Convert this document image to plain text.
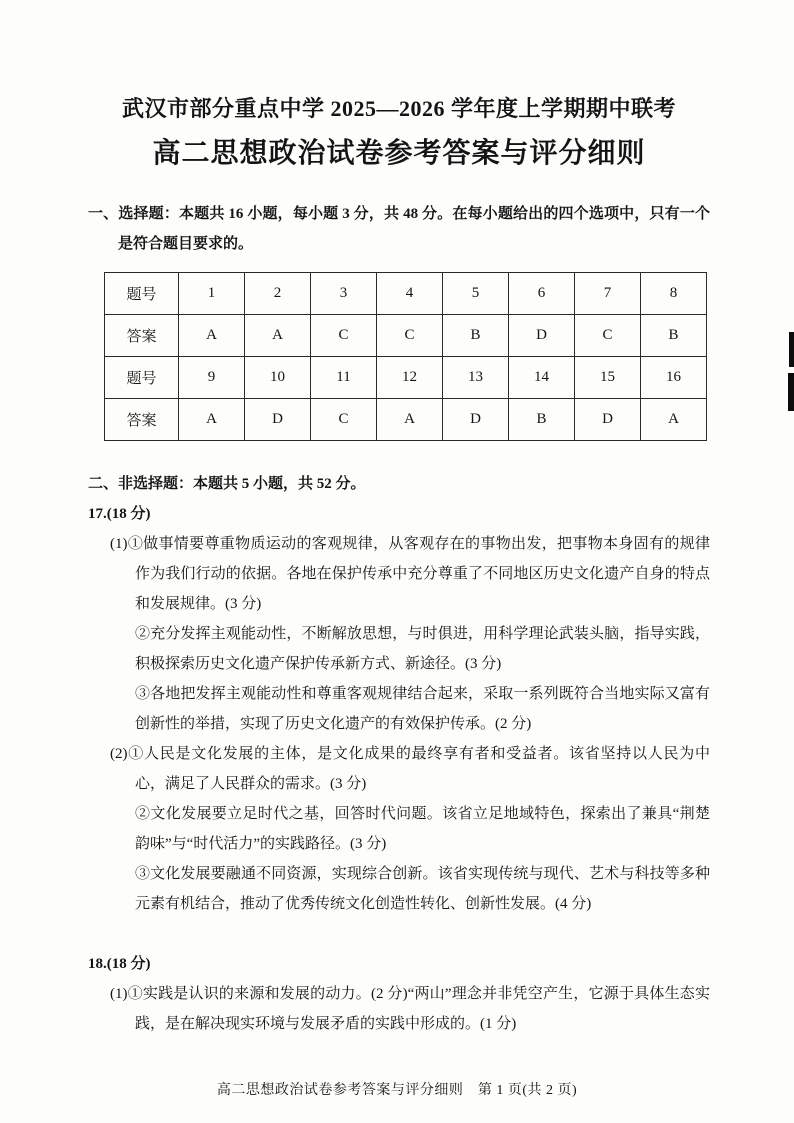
武汉市部分重点中学 2025—2026 学年度上学期期中联考
高二思想政治试卷参考答案与评分细则

一、选择题：本题共 16 小题，每小题 3 分，共 48 分。在每小题给出的四个选项中，只有一个是符合题目要求的。

题号	1	2	3	4	5	6	7	8
答案	A	A	C	C	B	D	C	B
题号	9	10	11	12	13	14	15	16
答案	A	D	C	A	D	B	D	A

二、非选择题：本题共 5 小题，共 52 分。

17.(18 分)

(1)①做事情要尊重物质运动的客观规律，从客观存在的事物出发，把事物本身固有的规律作为我们行动的依据。各地在保护传承中充分尊重了不同地区历史文化遗产自身的特点和发展规律。(3 分)

②充分发挥主观能动性，不断解放思想，与时俱进，用科学理论武装头脑，指导实践，积极探索历史文化遗产保护传承新方式、新途径。(3 分)

③各地把发挥主观能动性和尊重客观规律结合起来，采取一系列既符合当地实际又富有创新性的举措，实现了历史文化遗产的有效保护传承。(2 分)

(2)①人民是文化发展的主体，是文化成果的最终享有者和受益者。该省坚持以人民为中心，满足了人民群众的需求。(3 分)

②文化发展要立足时代之基，回答时代问题。该省立足地域特色，探索出了兼具“荆楚韵味”与“时代活力”的实践路径。(3 分)

③文化发展要融通不同资源，实现综合创新。该省实现传统与现代、艺术与科技等多种元素有机结合，推动了优秀传统文化创造性转化、创新性发展。(4 分)

18.(18 分)

(1)①实践是认识的来源和发展的动力。(2 分)“两山”理念并非凭空产生，它源于具体生态实践，是在解决现实环境与发展矛盾的实践中形成的。(1 分)

高二思想政治试卷参考答案与评分细则　第 1 页(共 2 页)
